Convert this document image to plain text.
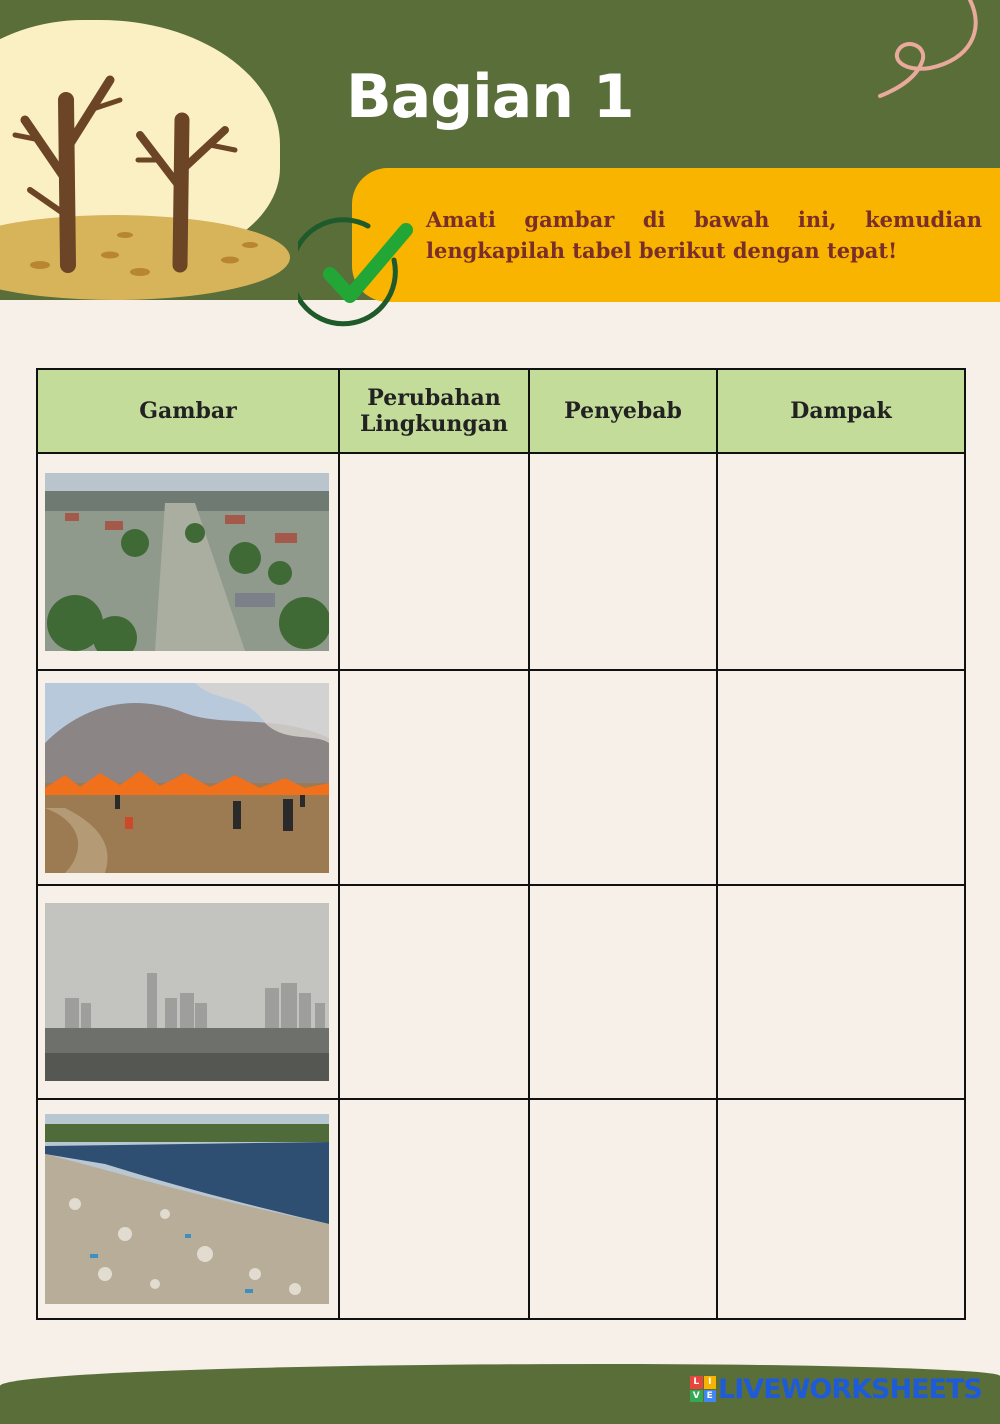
Bagian 1

Amati gambar di bawah ini, kemudian lengkapilah tabel berikut dengan tepat!

Gambar	Perubahan Lingkungan	Penyebab	Dampak

L I
V E LIVEWORKSHEETS
